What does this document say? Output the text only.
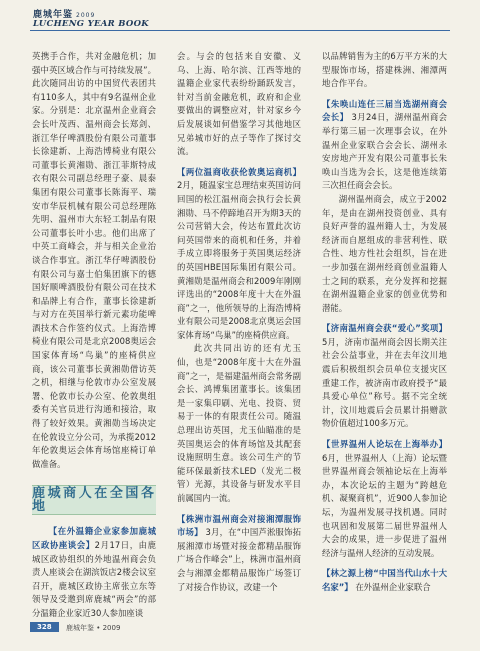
鹿城年鉴 2009
LUCHENG YEAR BOOK

英携手合作，共对金融危机；加强中英区域合作与可持续发展”。此次随同出访的中国贸代表团共有110多人，其中有9名温州企业家。分别是：北京温州企业商会会长叶茂西、温州商会长郑剑、浙江华仔啤酒股份有限公司董事长徐建新、上海浩博椅业有限公司董事长黄湘勋、浙江菲斯特成衣有限公司副总经理子豪、晨泰集团有限公司董事长陈海平、瑞安市华辰机械有限公司总经理陈先明、温州市大东轻工制品有限公司董事长叶小忠。他们出席了中英工商峰会，并与相关企业治谈合作事宜。浙江华仔啤酒股份有限公司与嘉士伯集团旗下的德国好顺啤酒股份有限公司在技术和品牌上有合作，董事长徐建新与对方在英国举行新元素功能啤酒技术合作签约仪式。上海浩博椅业有限公司是北京2008奥运会国家体育场“鸟巢”的座椅供应商，该公司董事长黄湘勋借访英之机，相继与伦敦市办公室发展署、伦敦市长办公室、伦敦奥组委有关官员进行沟通和接洽，取得了较好效果。黄湘勋当场决定在伦敦设立分公司，为承揽2012年伦敦奥运会体育场馆座椅订单做准备。

鹿城商人在全国各地

【在外温籍企业家参加鹿城区政协座谈会】2月17日，由鹿城区政协组织的外地温州商会负责人座谈会在湖滨饭店2楼会议室召开，鹿城区政协主席张立东等领导及受邀到席鹿城“两会”的部分温籍企业家近30人参加座谈

会。与会的包括来自安徽、义乌、上海、哈尔滨、江西等地的温籍企业家代表纷纷踊跃发言，针对当前金融危机，政府和企业要做出的调整应对，针对家乡今后发展谈如何借鉴学习其他地区兄弟城市好的点子等作了探讨交流。

【两位温商收获伦敦奥运商机】 2月，随温家宝总理结束英国访问回国的松江温州商会执行会长黄湘勋、马不停蹄地召开为期3天的公司营销大会，传达布置此次访问英国带来的商机和任务，并着手成立即将服务于英国奥运经济的英国HBE国际集团有限公司。黄湘勋是温州商会和2009年刚刚评选出的“2008年度十大在外温商”之一，他所领导的上海浩博椅业有限公司是2008北京奥运会国家体育场“鸟巢”的座椅供应商。

此次共同出访的还有尤玉仙，也是“2008年度十大在外温商”之一，是福建温州商会常务副会长、鸿博集团董事长。该集团是一家集印刷、光电、投资、贸易于一体的有限责任公司。随温总理出访英国，尤玉仙瞄准的是英国奥运会的体育场馆及其配套设施照明生意。该公司生产的节能环保最新技术LED（发光二极管）光源，其设备与研发水平目前属国内一流。

【株洲市温州商会对接湘潭服饰市场】 3月，在“中国芦淞服饰拓展湘潭市场暨对接金都精品服饰广场合作峰会”上，株洲市温州商会与湘潭金都精品服饰广场签订了对接合作协议，改建一个

以品牌销售为主的6万平方米的大型服饰市场，搭建株洲、湘潭两地合作平台。

【朱唤山连任三届当选湖州商会会长】 3月24日，湖州温州商会举行第三届一次理事会议，在外温州企业家联合会会长、湖州永安房地产开发有限公司董事长朱唤山当选为会长，这是他连续第三次担任商会会长。

湖州温州商会，成立于2002年，是由在湖州投资创业、具有良好声誉的温州籍人士，为发展经济而自愿组成的非营利性、联合性、地方性社会组织，旨在进一步加强在湖州经商创业温籍人士之间的联系，充分发挥和挖掘在湖州温籍企业家的创业优势和潜能。

【济南温州商会获“爱心”奖项】 5月，济南市温州商会因长期关注社会公益事业，并在去年汶川地震后积极组织会员单位支援灾区重建工作，被济南市政府授予“最具爱心单位”称号。据不完全统计，汶川地震后会员累计捐赠款物价值超过100多万元。

【世界温州人论坛在上海举办】 6月，世界温州人（上海）论坛暨世界温州商会领袖论坛在上海举办，本次论坛的主题为“跨越危机、凝聚商机”，近900人参加论坛，为温州发展寻找机遇。同时也巩固和发展第二届世界温州人大会的成果，进一步促进了温州经济与温州人经济的互动发展。

【林之源上榜“中国当代山水十大名家”】 在外温州企业家联合

328	鹿城年鉴 • 2009
